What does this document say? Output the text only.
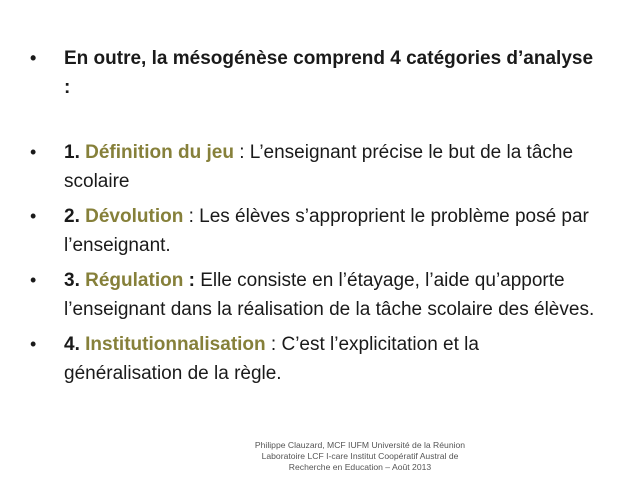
•	En outre, la mésogénèse comprend 4 catégories d’analyse :
•	1. Définition du jeu : L’enseignant précise le but de la tâche scolaire
•	2. Dévolution : Les élèves s’approprient le problème posé par l’enseignant.
•	3. Régulation : Elle consiste en l’étayage, l’aide qu’apporte l’enseignant dans la réalisation de la tâche scolaire des élèves.
•	4. Institutionnalisation : C’est l’explicitation et la généralisation de la règle.
Philippe Clauzard, MCF IUFM Université de la Réunion
Laboratoire LCF I-care Institut Coopératif Austral de
Recherche en Education – Août 2013
